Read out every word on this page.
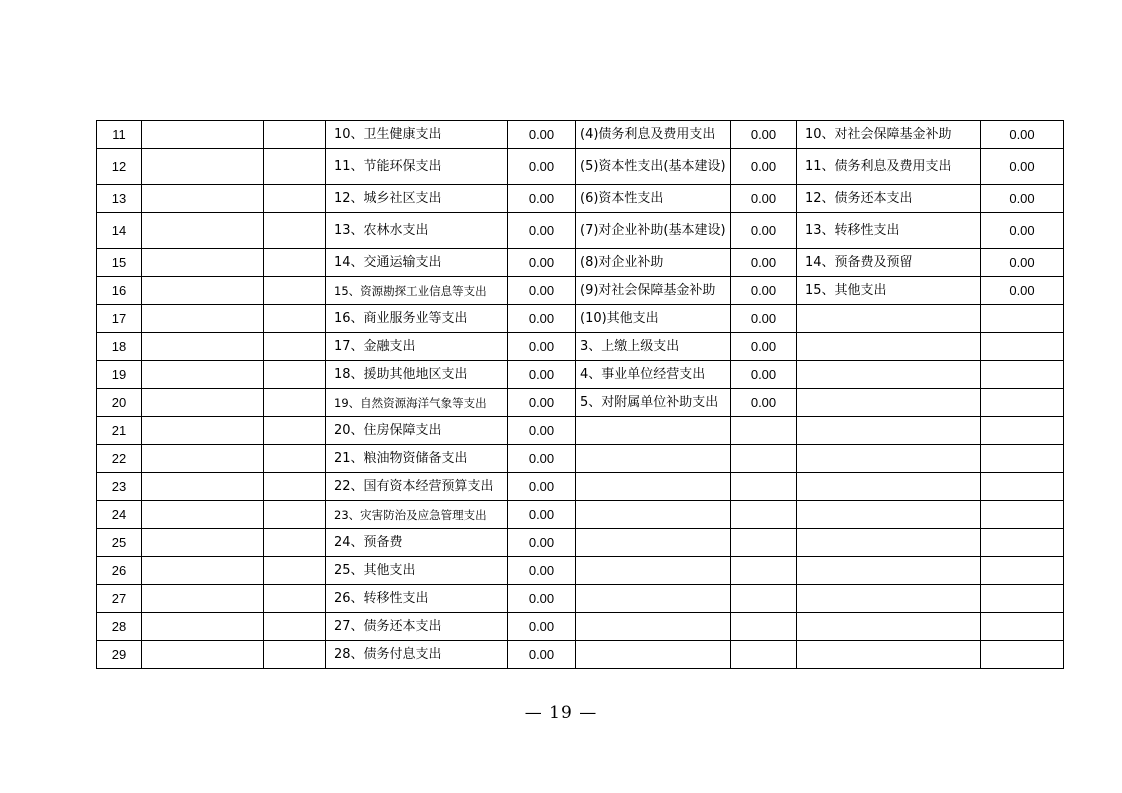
11			10、卫生健康支出	0.00	(4)债务利息及费用支出	0.00	10、对社会保障基金补助	0.00
12			11、节能环保支出	0.00	(5)资本性支出(基本建设)	0.00	11、债务利息及费用支出	0.00
13			12、城乡社区支出	0.00	(6)资本性支出	0.00	12、债务还本支出	0.00
14			13、农林水支出	0.00	(7)对企业补助(基本建设)	0.00	13、转移性支出	0.00
15			14、交通运输支出	0.00	(8)对企业补助	0.00	14、预备费及预留	0.00
16			15、资源勘探工业信息等支出	0.00	(9)对社会保障基金补助	0.00	15、其他支出	0.00
17			16、商业服务业等支出	0.00	(10)其他支出	0.00		
18			17、金融支出	0.00	3、上缴上级支出	0.00		
19			18、援助其他地区支出	0.00	4、事业单位经营支出	0.00		
20			19、自然资源海洋气象等支出	0.00	5、对附属单位补助支出	0.00		
21			20、住房保障支出	0.00				
22			21、粮油物资储备支出	0.00				
23			22、国有资本经营预算支出	0.00				
24			23、灾害防治及应急管理支出	0.00				
25			24、预备费	0.00				
26			25、其他支出	0.00				
27			26、转移性支出	0.00				
28			27、债务还本支出	0.00				
29			28、债务付息支出	0.00				
— 19 —
